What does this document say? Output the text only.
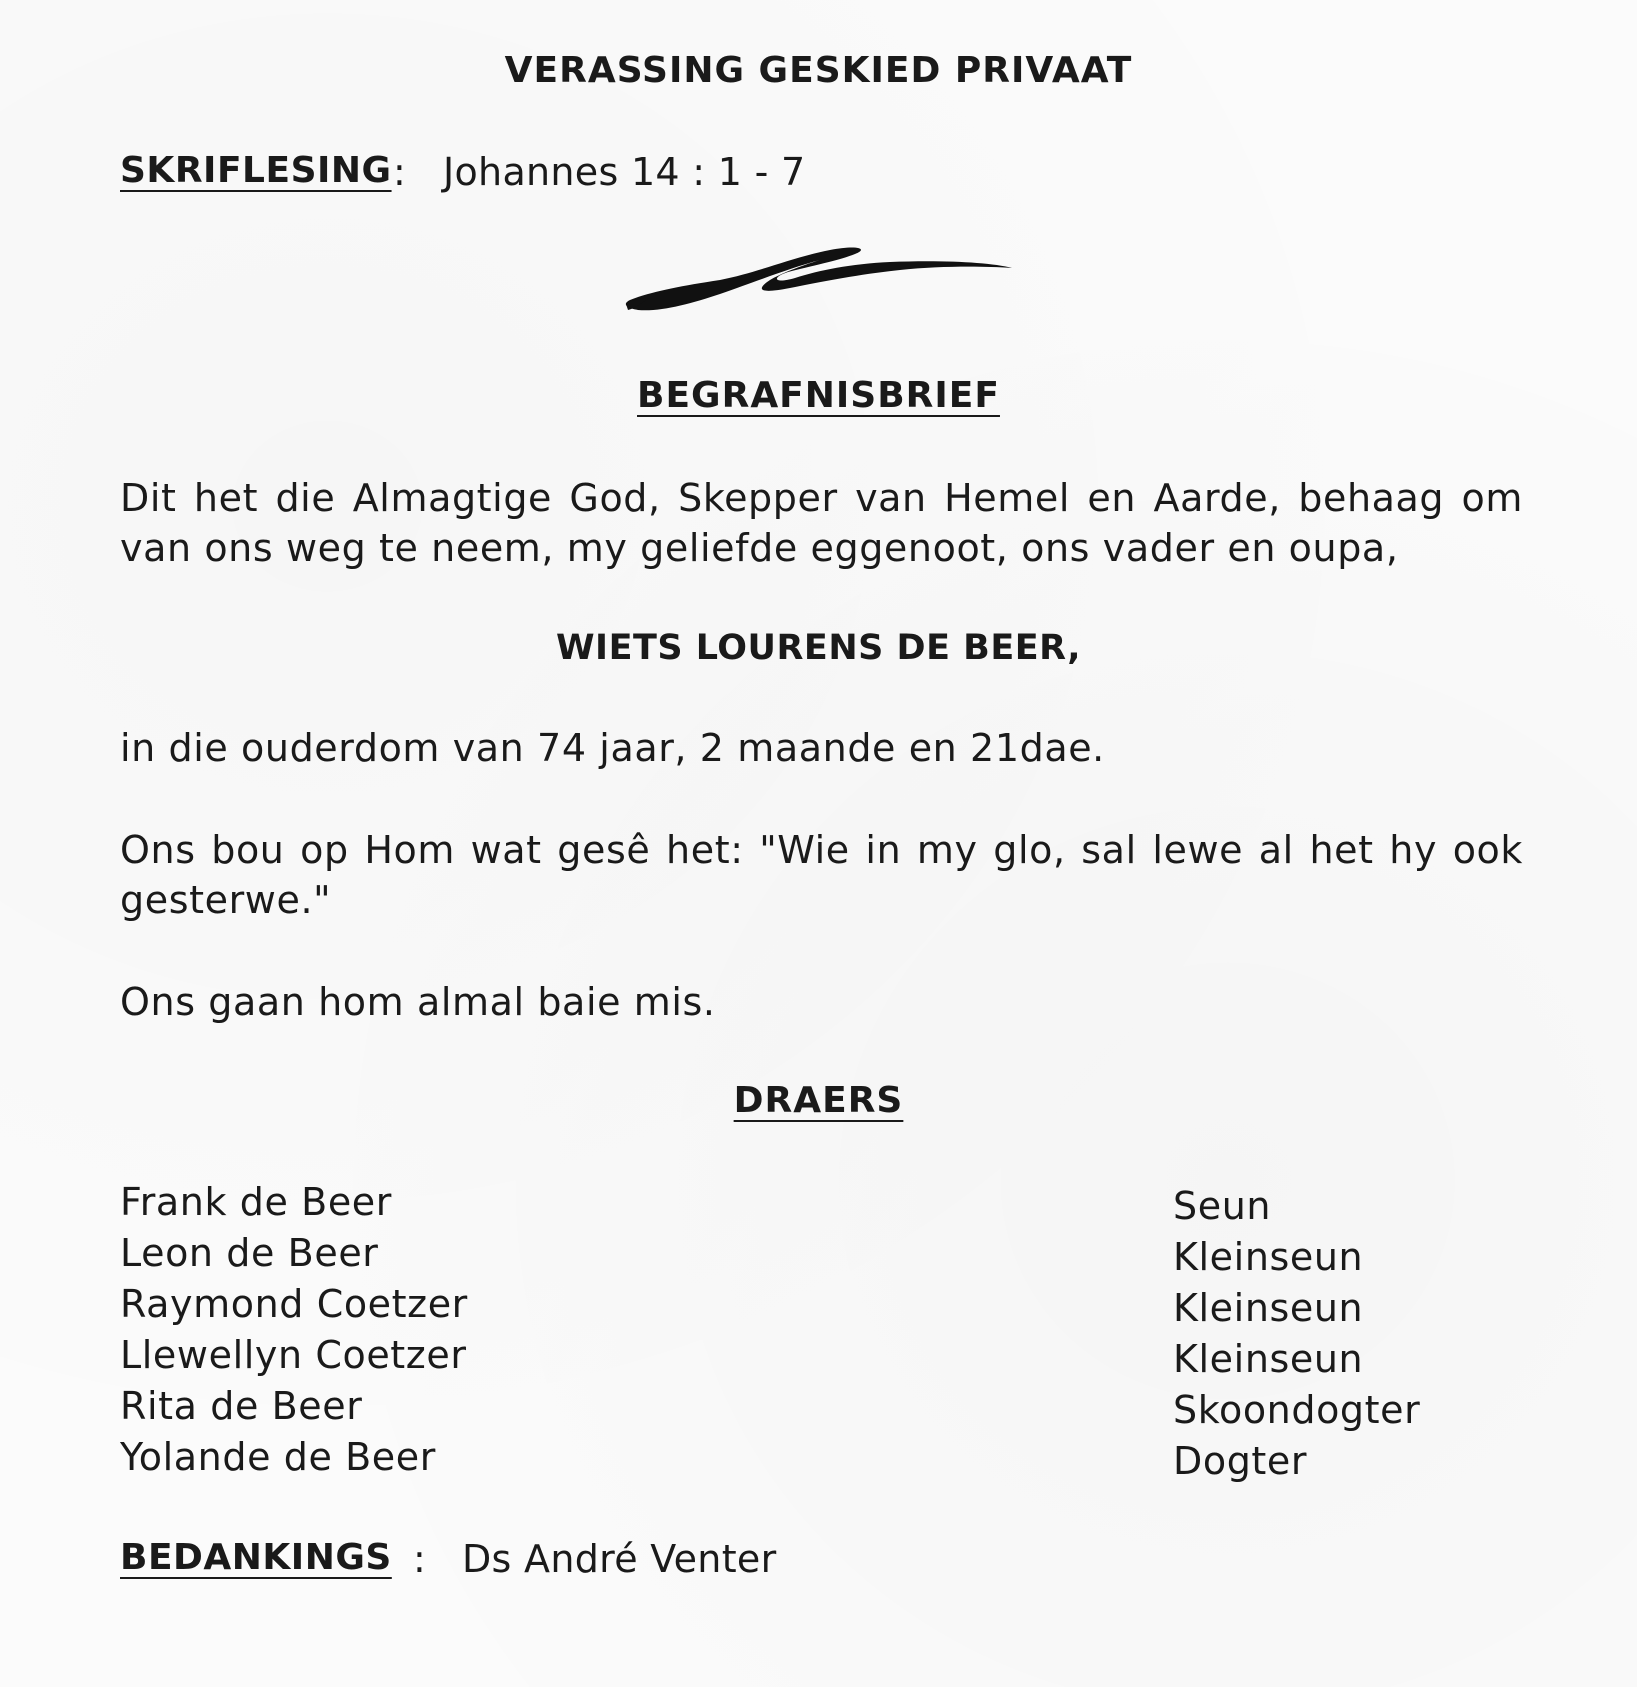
VERASSING GESKIED PRIVAAT
SKRIFLESING : Johannes 14 : 1 - 7
BEGRAFNISBRIEF
Dit het die Almagtige God, Skepper van Hemel en Aarde, behaag om van ons weg te neem, my geliefde eggenoot, ons vader en oupa,
WIETS LOURENS DE BEER,
in die ouderdom van 74 jaar, 2 maande en 21dae.
Ons bou op Hom wat gesê het: "Wie in my glo, sal lewe al het hy ook gesterwe."
Ons gaan hom almal baie mis.
DRAERS
Frank de Beer
Leon de Beer
Raymond Coetzer
Llewellyn Coetzer
Rita de Beer
Yolande de Beer
Seun
Kleinseun
Kleinseun
Kleinseun
Skoondogter
Dogter
BEDANKINGS : Ds André Venter
